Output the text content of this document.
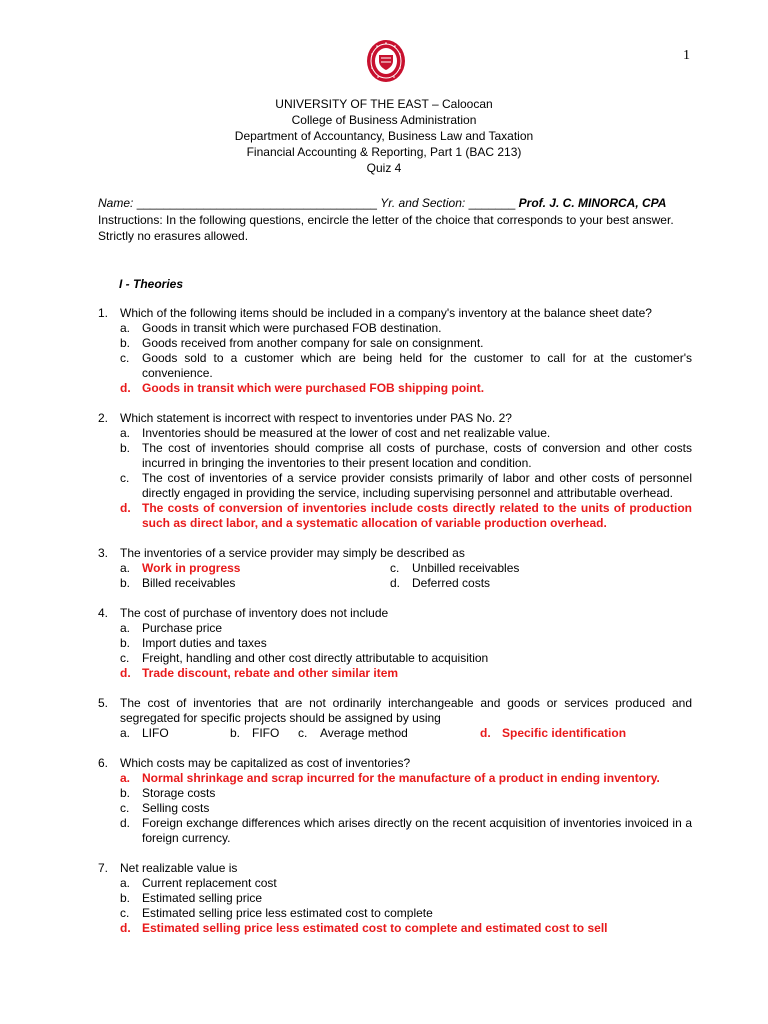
1
UNIVERSITY OF THE EAST – Caloocan
College of Business Administration
Department of Accountancy, Business Law and Taxation
Financial Accounting & Reporting, Part 1 (BAC 213)
Quiz 4
Name: ____________________________________ Yr. and Section: _______ Prof. J. C. MINORCA, CPA
Instructions: In the following questions, encircle the letter of the choice that corresponds to your best answer. Strictly no erasures allowed.
I - Theories
1. Which of the following items should be included in a company's inventory at the balance sheet date?
a. Goods in transit which were purchased FOB destination.
b. Goods received from another company for sale on consignment.
c.	Goods sold to a customer which are being held for the customer to call for at the customer's convenience.
d. Goods in transit which were purchased FOB shipping point.
2. Which statement is incorrect with respect to inventories under PAS No. 2?
a. Inventories should be measured at the lower of cost and net realizable value.
b. The cost of inventories should comprise all costs of purchase, costs of conversion and other costs incurred in bringing the inventories to their present location and condition.
c.	The cost of inventories of a service provider consists primarily of labor and other costs of personnel directly engaged in providing the service, including supervising personnel and attributable overhead.
d. The costs of conversion of inventories include costs directly related to the units of production such as direct labor, and a systematic allocation of variable production overhead.
3. The inventories of a service provider may simply be described as
a. Work in progress	c.	Unbilled receivables
b. Billed receivables	d. Deferred costs
4. The cost of purchase of inventory does not include
a. Purchase price
b. Import duties and taxes
c.	Freight, handling and other cost directly attributable to acquisition
d. Trade discount, rebate and other similar item
5. The cost of inventories that are not ordinarily interchangeable and goods or services produced and segregated for specific projects should be assigned by using
a. LIFO	b. FIFO	c.	Average method	d. Specific identification
6. Which costs may be capitalized as cost of inventories?
a. Normal shrinkage and scrap incurred for the manufacture of a product in ending inventory.
b. Storage costs
c.	Selling costs
d. Foreign exchange differences which arises directly on the recent acquisition of inventories invoiced in a foreign currency.
7. Net realizable value is
a. Current replacement cost
b. Estimated selling price
c.	Estimated selling price less estimated cost to complete
d. Estimated selling price less estimated cost to complete and estimated cost to sell
